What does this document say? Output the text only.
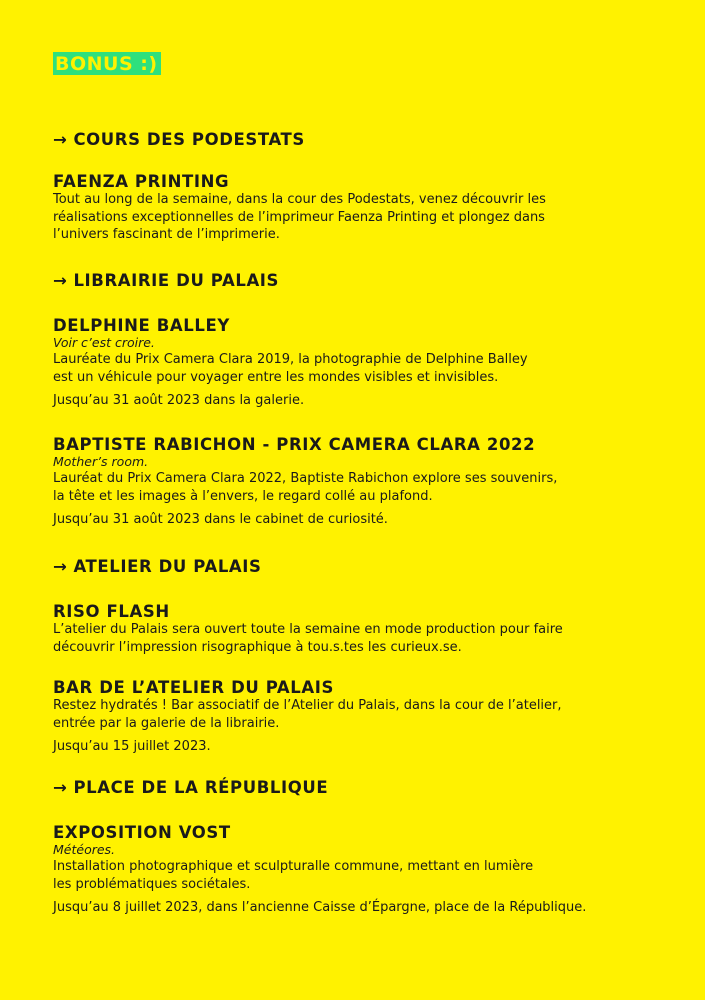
BONUS :)
→ COURS DES PODESTATS
FAENZA PRINTING

Tout au long de la semaine, dans la cour des Podestats, venez découvrir les
réalisations exceptionnelles de l’imprimeur Faenza Printing et plongez dans
l’univers fascinant de l’imprimerie.

→ LIBRAIRIE DU PALAIS
DELPHINE BALLEY

Voir c’est croire.

Lauréate du Prix Camera Clara 2019, la photographie de Delphine Balley
est un véhicule pour voyager entre les mondes visibles et invisibles.

Jusqu’au 31 août 2023 dans la galerie.

BAPTISTE RABICHON - PRIX CAMERA CLARA 2022

Mother’s room.

Lauréat du Prix Camera Clara 2022, Baptiste Rabichon explore ses souvenirs,
la tête et les images à l’envers, le regard collé au plafond.

Jusqu’au 31 août 2023 dans le cabinet de curiosité.

→ ATELIER DU PALAIS
RISO FLASH

L’atelier du Palais sera ouvert toute la semaine en mode production pour faire
découvrir l’impression risographique à tou.s.tes les curieux.se.

BAR DE L’ATELIER DU PALAIS

Restez hydratés ! Bar associatif de l’Atelier du Palais, dans la cour de l’atelier,
entrée par la galerie de la librairie.

Jusqu’au 15 juillet 2023.

→ PLACE DE LA RÉPUBLIQUE
EXPOSITION VOST

Météores.

Installation photographique et sculpturalle commune, mettant en lumière
les problématiques sociétales.

Jusqu’au 8 juillet 2023, dans l’ancienne Caisse d’Épargne, place de la République.
